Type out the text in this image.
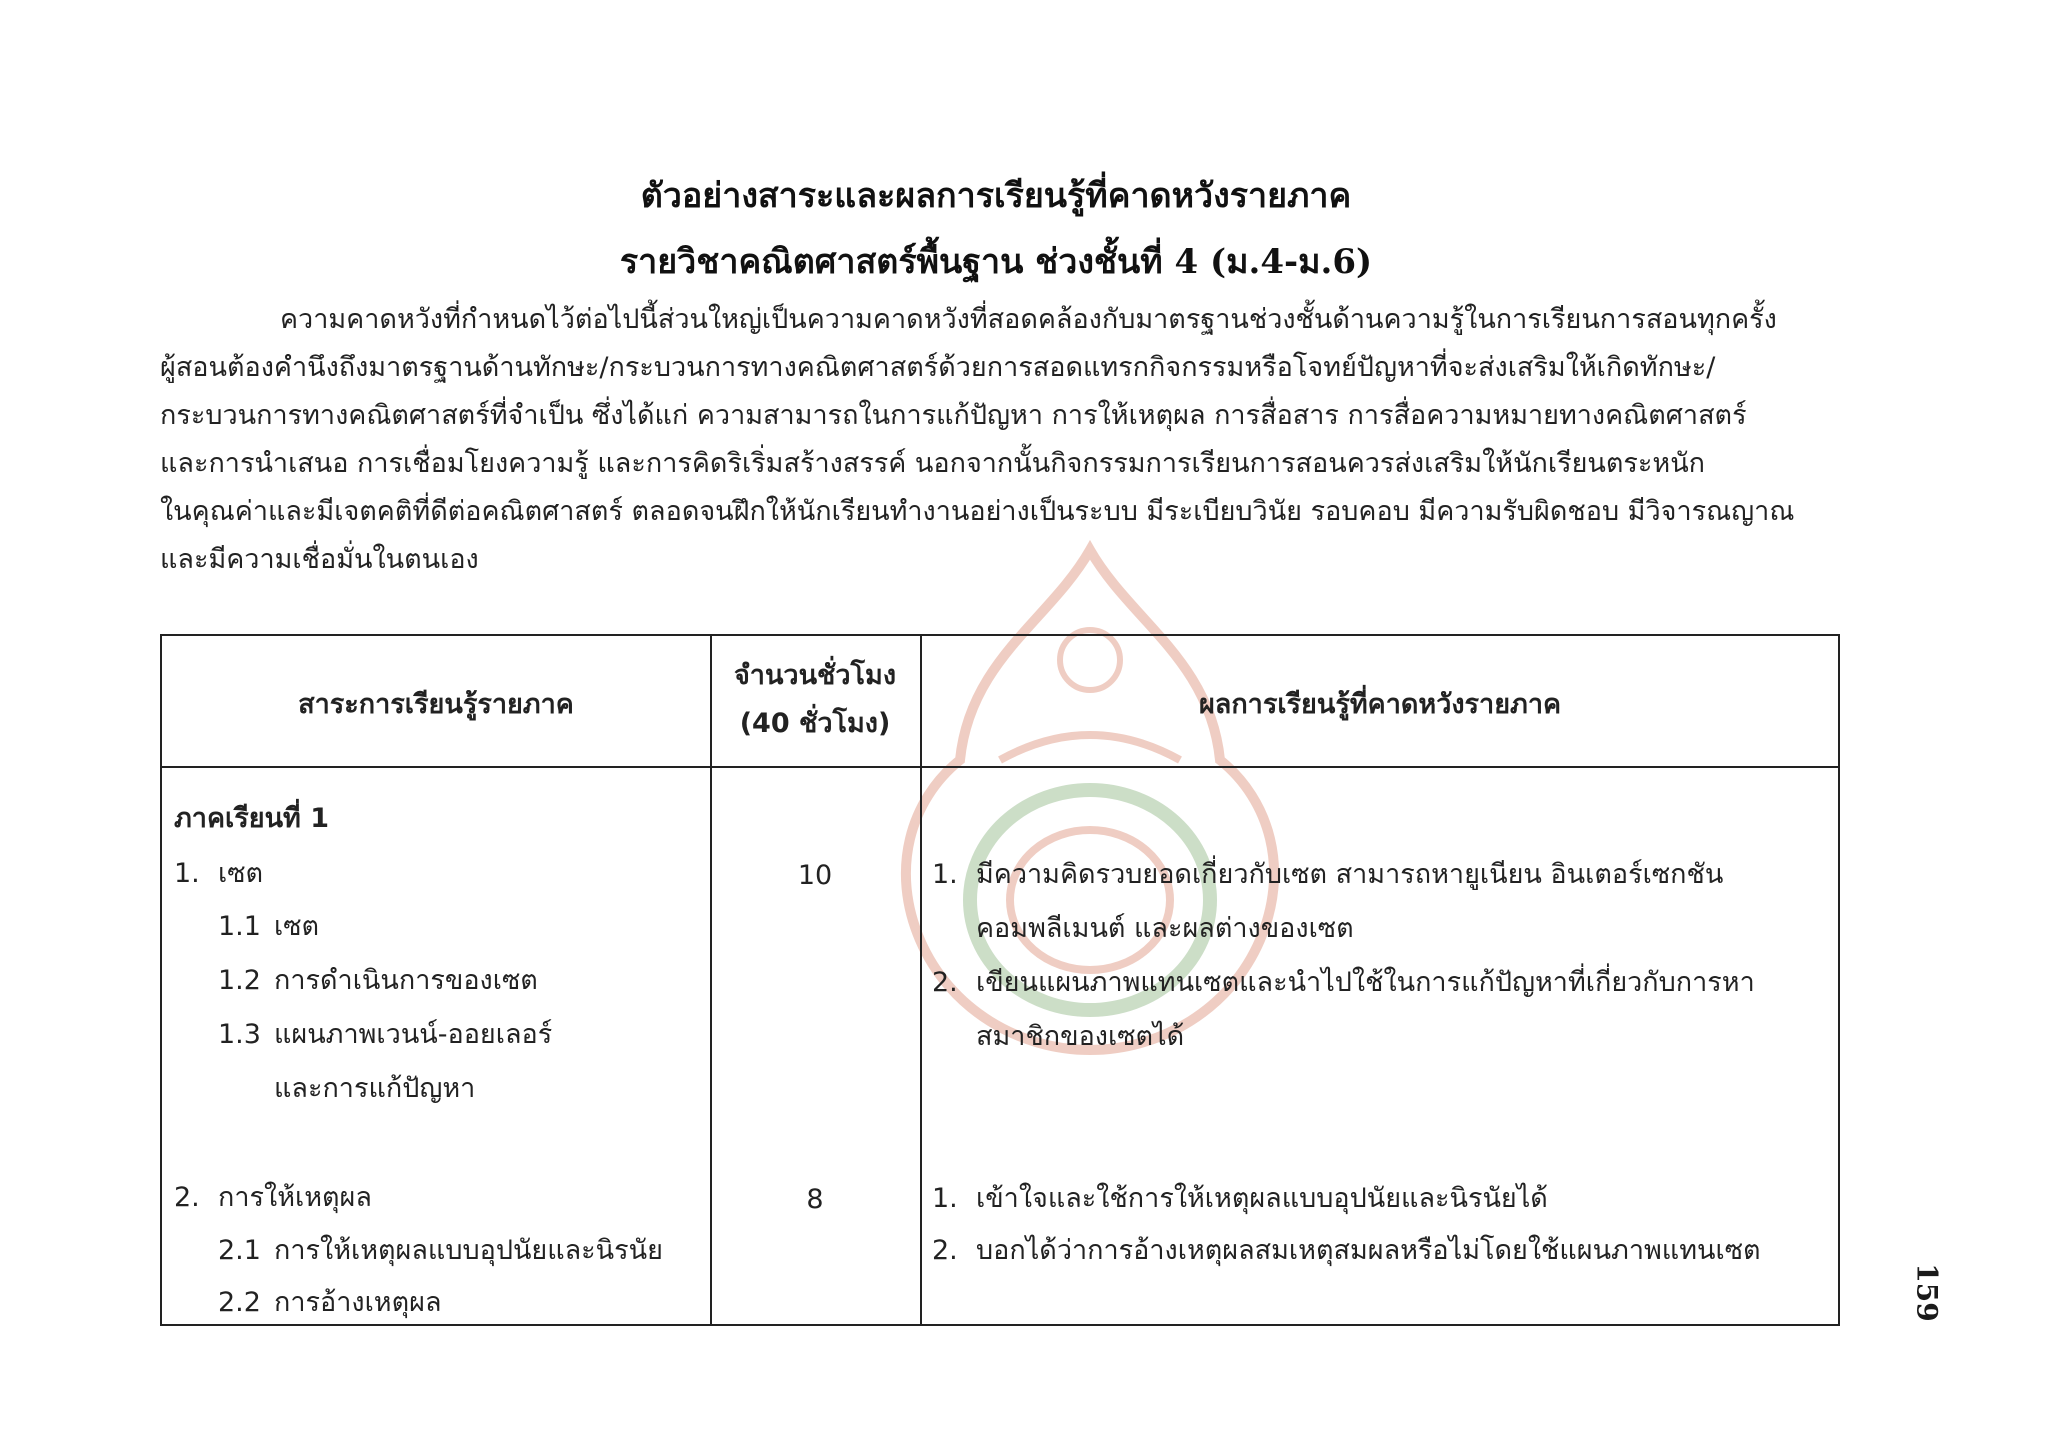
ตัวอย่างสาระและผลการเรียนรู้ที่คาดหวังรายภาค
รายวิชาคณิตศาสตร์พื้นฐาน ช่วงชั้นที่ 4 (ม.4-ม.6)
ความคาดหวังที่กำหนดไว้ต่อไปนี้ส่วนใหญ่เป็นความคาดหวังที่สอดคล้องกับมาตรฐานช่วงชั้นด้านความรู้ในการเรียนการสอนทุกครั้ง
ผู้สอนต้องคำนึงถึงมาตรฐานด้านทักษะ/กระบวนการทางคณิตศาสตร์ด้วยการสอดแทรกกิจกรรมหรือโจทย์ปัญหาที่จะส่งเสริมให้เกิดทักษะ/
กระบวนการทางคณิตศาสตร์ที่จำเป็น ซึ่งได้แก่ ความสามารถในการแก้ปัญหา การให้เหตุผล การสื่อสาร การสื่อความหมายทางคณิตศาสตร์
และการนำเสนอ การเชื่อมโยงความรู้ และการคิดริเริ่มสร้างสรรค์ นอกจากนั้นกิจกรรมการเรียนการสอนควรส่งเสริมให้นักเรียนตระหนัก
ในคุณค่าและมีเจตคติที่ดีต่อคณิตศาสตร์ ตลอดจนฝึกให้นักเรียนทำงานอย่างเป็นระบบ มีระเบียบวินัย รอบคอบ มีความรับผิดชอบ มีวิจารณญาณ
และมีความเชื่อมั่นในตนเอง
สาระการเรียนรู้รายภาค
จำนวนชั่วโมง
(40 ชั่วโมง)
ผลการเรียนรู้ที่คาดหวังรายภาค
ภาคเรียนที่ 1
1. เซต
1.1 เซต
1.2 การดำเนินการของเซต
1.3 แผนภาพเวนน์-ออยเลอร์
และการแก้ปัญหา
10	1. มีความคิดรวบยอดเกี่ยวกับเซต สามารถหายูเนียน อินเตอร์เซกชัน
คอมพลีเมนต์ และผลต่างของเซต
2. เขียนแผนภาพแทนเซตและนำไปใช้ในการแก้ปัญหาที่เกี่ยวกับการหา
สมาชิกของเซตได้
2. การให้เหตุผล
2.1 การให้เหตุผลแบบอุปนัยและนิรนัย
2.2 การอ้างเหตุผล
8	1. เข้าใจและใช้การให้เหตุผลแบบอุปนัยและนิรนัยได้
2. บอกได้ว่าการอ้างเหตุผลสมเหตุสมผลหรือไม่โดยใช้แผนภาพแทนเซต
159
